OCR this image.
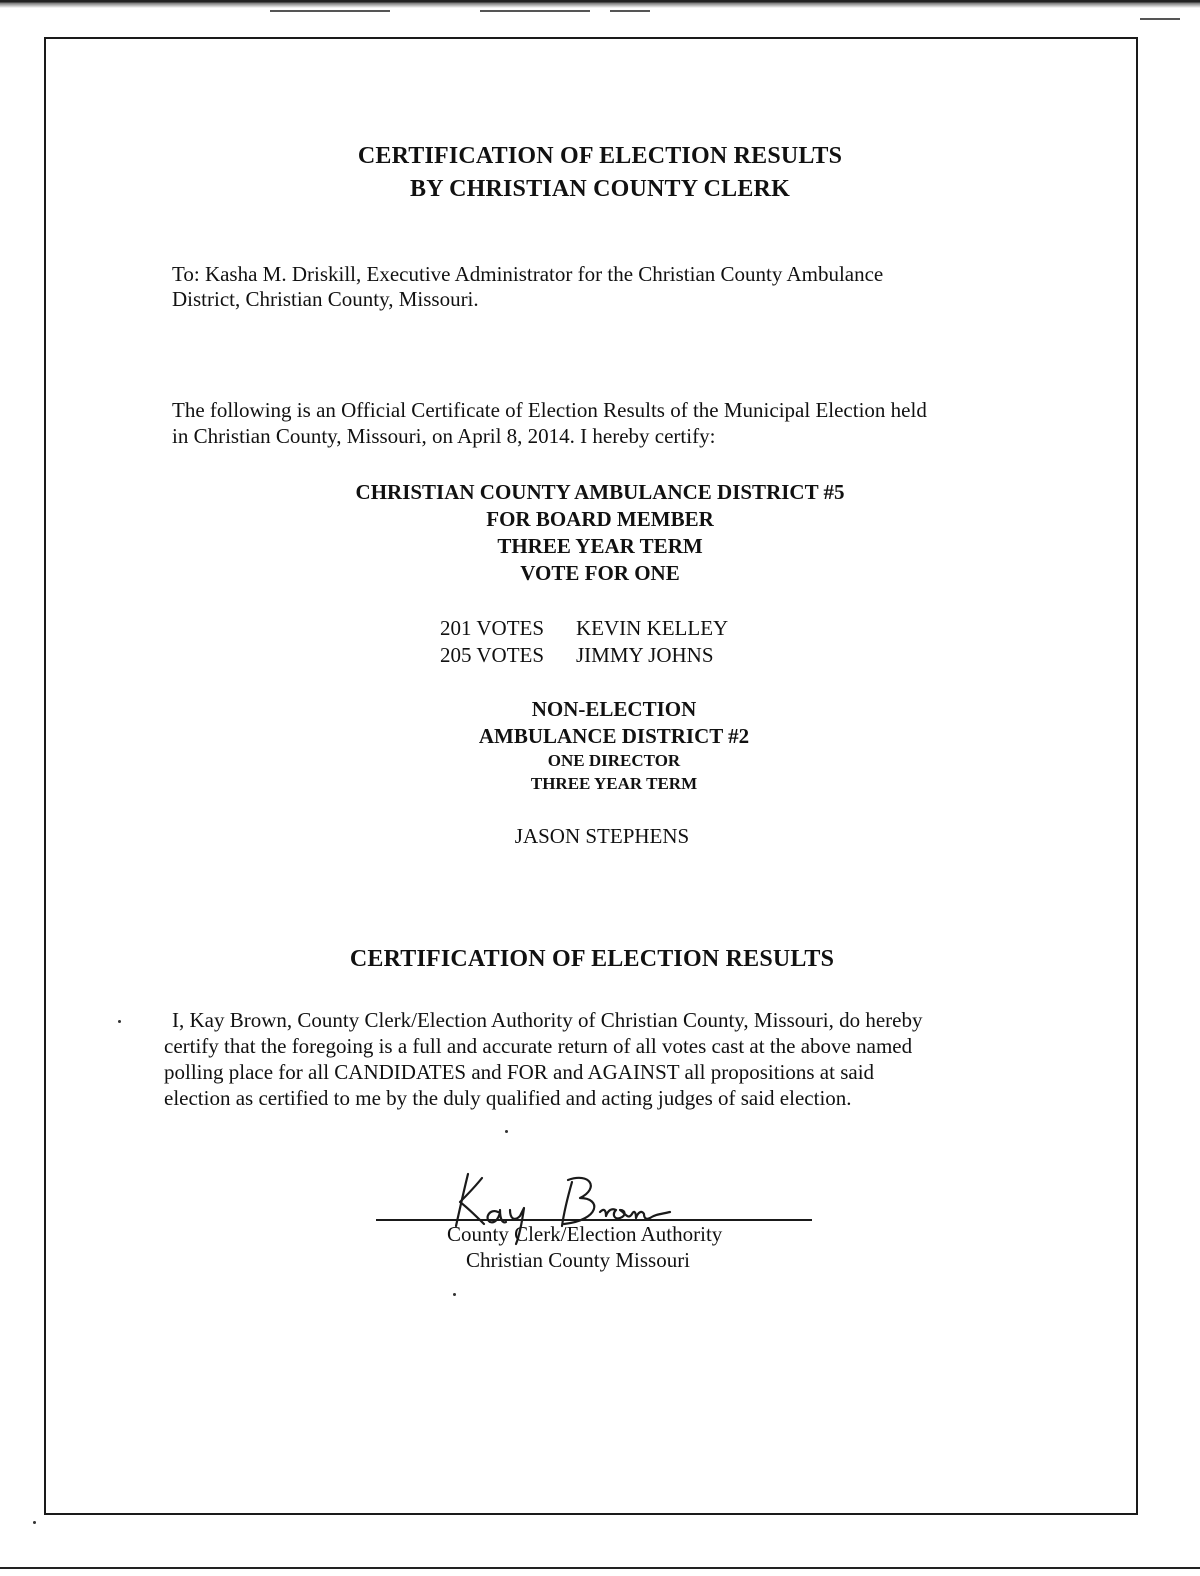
CERTIFICATION OF ELECTION RESULTS
BY CHRISTIAN COUNTY CLERK
To: Kasha M. Driskill, Executive Administrator for the Christian County Ambulance
District, Christian County, Missouri.
The following is an Official Certificate of Election Results of the Municipal Election held
in Christian County, Missouri, on April 8, 2014. I hereby certify:
CHRISTIAN COUNTY AMBULANCE DISTRICT #5
FOR BOARD MEMBER
THREE YEAR TERM
VOTE FOR ONE
201 VOTES KEVIN KELLEY
205 VOTES JIMMY JOHNS
NON-ELECTION
AMBULANCE DISTRICT #2
ONE DIRECTOR
THREE YEAR TERM
JASON STEPHENS
CERTIFICATION OF ELECTION RESULTS
I, Kay Brown, County Clerk/Election Authority of Christian County, Missouri, do hereby
certify that the foregoing is a full and accurate return of all votes cast at the above named
polling place for all CANDIDATES and FOR and AGAINST all propositions at said
election as certified to me by the duly qualified and acting judges of said election.
County Clerk/Election Authority
Christian County Missouri
